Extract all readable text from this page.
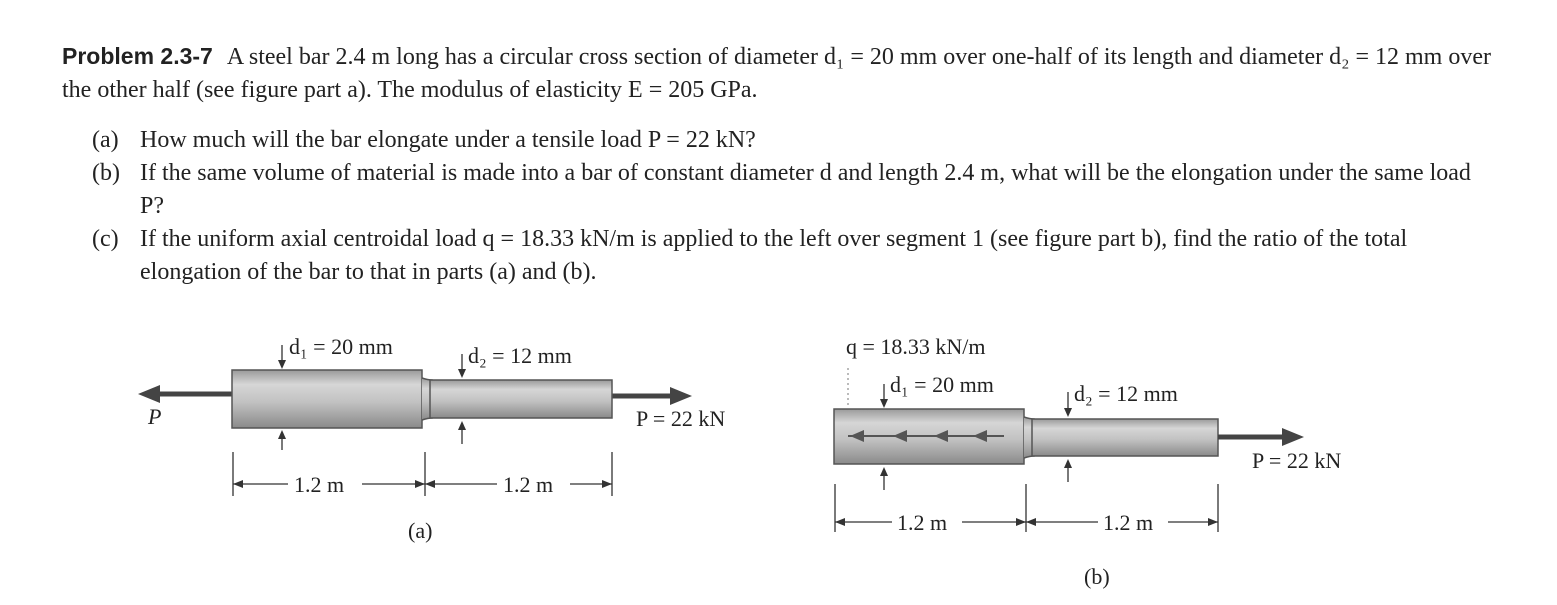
Problem 2.3-7 A steel bar 2.4 m long has a circular cross section of diameter d₁ = 20 mm over one-half of its length and diameter d₂ = 12 mm over the other half (see figure part a). The modulus of elasticity E = 205 GPa.
(a) How much will the bar elongate under a tensile load P = 22 kN?
(b) If the same volume of material is made into a bar of constant diameter d and length 2.4 m, what will be the elongation under the same load P?
(c) If the uniform axial centroidal load q = 18.33 kN/m is applied to the left over segment 1 (see figure part b), find the ratio of the total elongation of the bar to that in parts (a) and (b).
d₁ = 20 mm	d₂ = 12 mm
P	P = 22 kN
1.2 m	1.2 m
(a)
q = 18.33 kN/m
d₁ = 20 mm	d₂ = 12 mm
P = 22 kN
1.2 m	1.2 m
(b)
